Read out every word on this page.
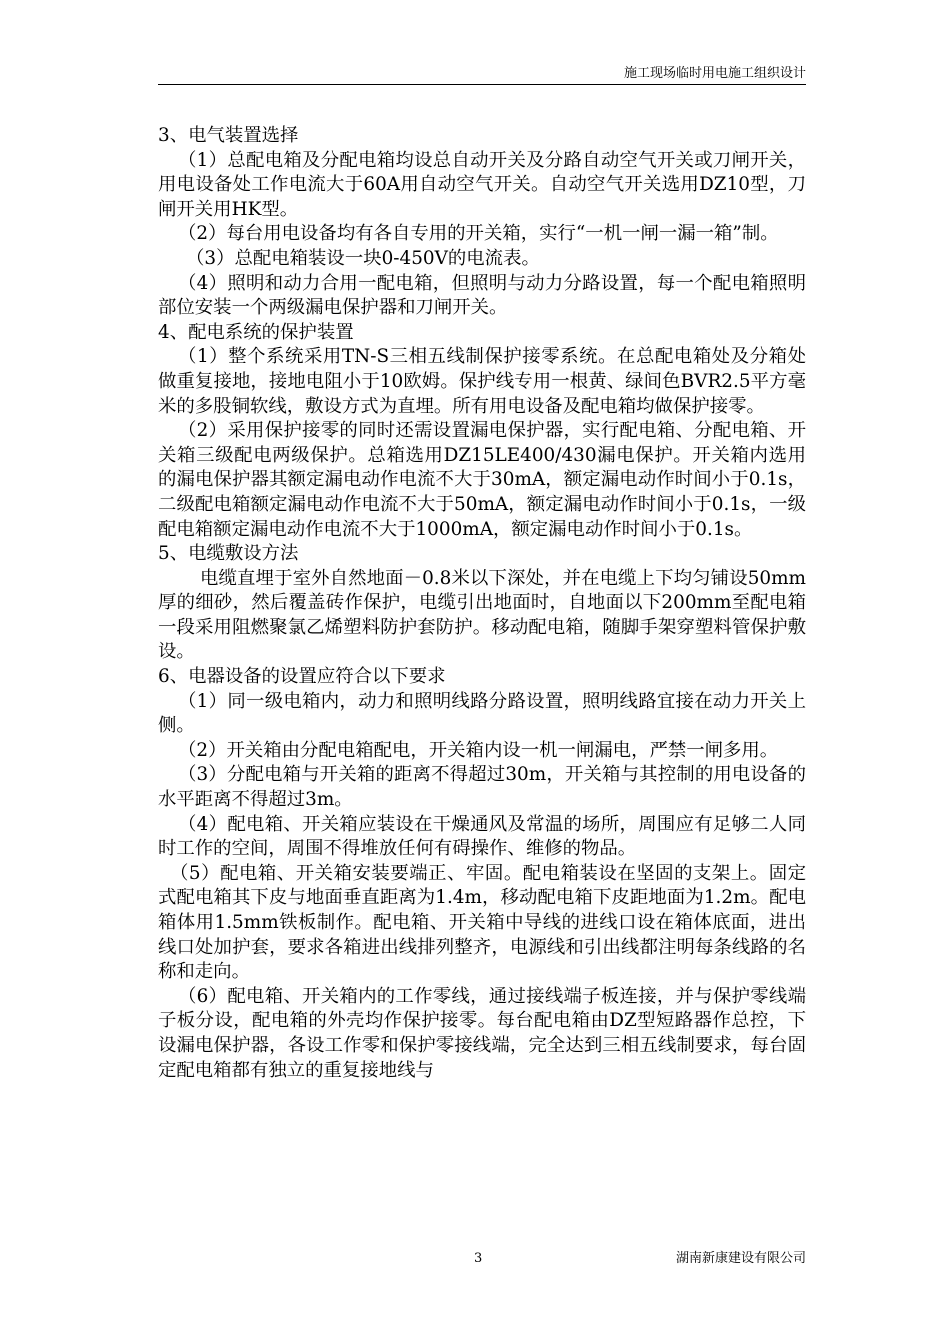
施工现场临时用电施工组织设计

3、电气装置选择

（1）总配电箱及分配电箱均设总自动开关及分路自动空气开关或刀闸开关，用电设备处工作电流大于60A用自动空气开关。自动空气开关选用DZ10型，刀闸开关用HK型。

（2）每台用电设备均有各自专用的开关箱，实行“一机一闸一漏一箱”制。

（3）总配电箱装设一块0-450V的电流表。

（4）照明和动力合用一配电箱，但照明与动力分路设置，每一个配电箱照明部位安装一个两级漏电保护器和刀闸开关。

4、配电系统的保护装置

（1）整个系统采用TN-S三相五线制保护接零系统。在总配电箱处及分箱处做重复接地，接地电阻小于10欧姆。保护线专用一根黄、绿间色BVR2.5平方毫米的多股铜软线，敷设方式为直埋。所有用电设备及配电箱均做保护接零。

（2）采用保护接零的同时还需设置漏电保护器，实行配电箱、分配电箱、开关箱三级配电两级保护。总箱选用DZ15LE400/430漏电保护。开关箱内选用的漏电保护器其额定漏电动作电流不大于30mA，额定漏电动作时间小于0.1s，二级配电箱额定漏电动作电流不大于50mA，额定漏电动作时间小于0.1s，一级配电箱额定漏电动作电流不大于1000mA，额定漏电动作时间小于0.1s。

5、电缆敷设方法

电缆直埋于室外自然地面－0.8米以下深处，并在电缆上下均匀铺设50mm厚的细砂，然后覆盖砖作保护，电缆引出地面时，自地面以下200mm至配电箱一段采用阻燃聚氯乙烯塑料防护套防护。移动配电箱，随脚手架穿塑料管保护敷设。

6、电器设备的设置应符合以下要求

（1）同一级电箱内，动力和照明线路分路设置，照明线路宜接在动力开关上侧。

（2）开关箱由分配电箱配电，开关箱内设一机一闸漏电，严禁一闸多用。

（3）分配电箱与开关箱的距离不得超过30m，开关箱与其控制的用电设备的水平距离不得超过3m。

（4）配电箱、开关箱应装设在干燥通风及常温的场所，周围应有足够二人同时工作的空间，周围不得堆放任何有碍操作、维修的物品。

（5）配电箱、开关箱安装要端正、牢固。配电箱装设在坚固的支架上。固定式配电箱其下皮与地面垂直距离为1.4m，移动配电箱下皮距地面为1.2m。配电箱体用1.5mm铁板制作。配电箱、开关箱中导线的进线口设在箱体底面，进出线口处加护套，要求各箱进出线排列整齐，电源线和引出线都注明每条线路的名称和走向。

（6）配电箱、开关箱内的工作零线，通过接线端子板连接，并与保护零线端子板分设，配电箱的外壳均作保护接零。每台配电箱由DZ型短路器作总控，下设漏电保护器，各设工作零和保护零接线端，完全达到三相五线制要求，每台固定配电箱都有独立的重复接地线与

3	湖南新康建设有限公司
